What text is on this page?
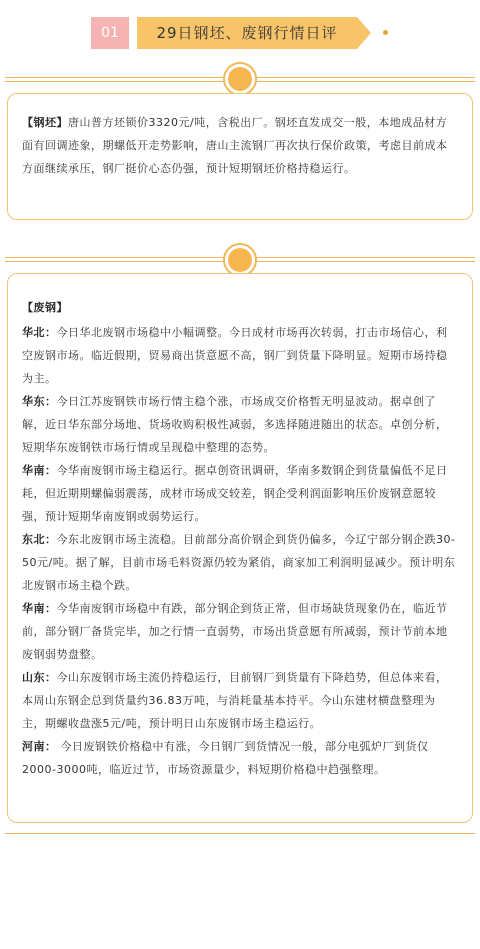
01	29日钢坯、废钢行情日评

【钢坯】唐山普方坯锁价3320元/吨，含税出厂。钢坯直发成交一般，本地成品材方面有回调迹象，期螺低开走势影响，唐山主流钢厂再次执行保价政策，考虑目前成本方面继续承压，钢厂挺价心态仍强，预计短期钢坯价格持稳运行。

【废钢】

华北：今日华北废钢市场稳中小幅调整。今日成材市场再次转弱，打击市场信心，利空废钢市场。临近假期，贸易商出货意愿不高，钢厂到货量下降明显。短期市场持稳为主。

华东：今日江苏废钢铁市场行情主稳个涨，市场成交价格暂无明显波动。据卓创了解，近日华东部分场地、货场收购积极性减弱，多选择随进随出的状态。卓创分析，短期华东废钢铁市场行情或呈现稳中整理的态势。

华南：今华南废钢市场主稳运行。据卓创资讯调研，华南多数钢企到货量偏低不足日耗，但近期期螺偏弱震荡，成材市场成交较差，钢企受利润面影响压价废钢意愿较强，预计短期华南废钢或弱势运行。

东北：今东北废钢市场主流稳。目前部分高价钢企到货仍偏多，今辽宁部分钢企跌30-50元/吨。据了解，目前市场毛料资源仍较为紧俏，商家加工利润明显减少。预计明东北废钢市场主稳个跌。

华南：今华南废钢市场稳中有跌，部分钢企到货正常，但市场缺货现象仍在，临近节前，部分钢厂备货完毕，加之行情一直弱势，市场出货意愿有所减弱，预计节前本地废钢弱势盘整。

山东：今山东废钢市场主流仍持稳运行，目前钢厂到货量有下降趋势，但总体来看，本周山东钢企总到货量约36.83万吨，与消耗量基本持平。今山东建材横盘整理为主，期螺收盘涨5元/吨，预计明日山东废钢市场主稳运行。

河南： 今日废钢铁价格稳中有涨，今日钢厂到货情况一般，部分电弧炉厂到货仅2000-3000吨，临近过节，市场资源量少，料短期价格稳中趋强整理。
